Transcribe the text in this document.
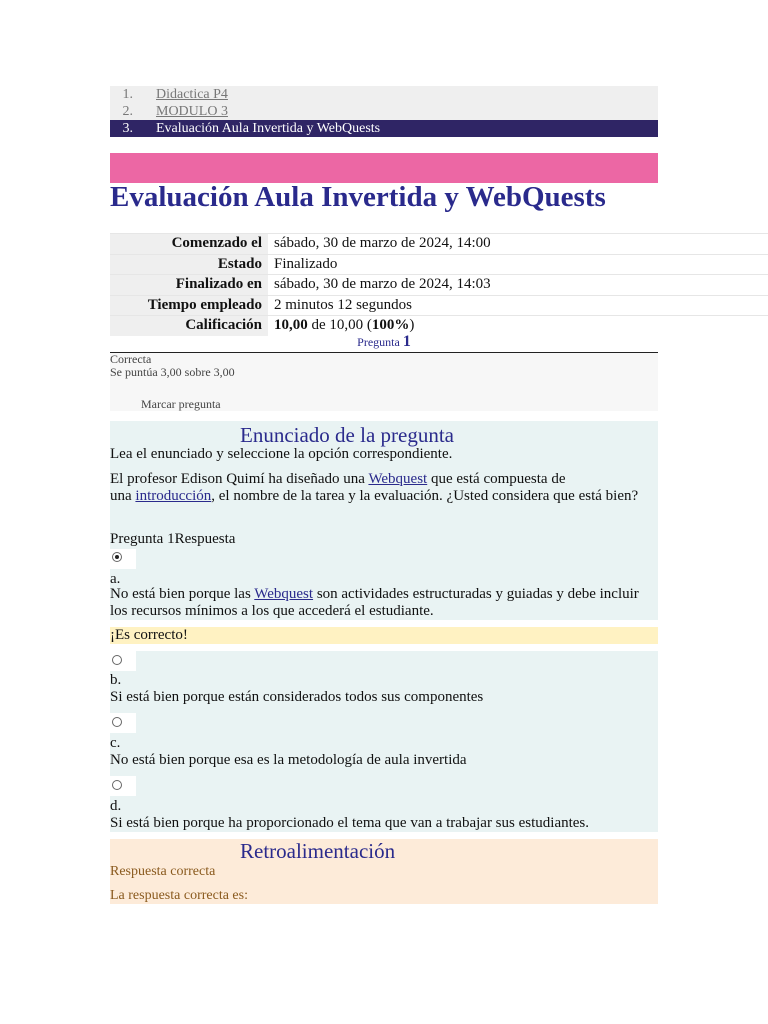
1. Didactica P4
2. MODULO 3
3. Evaluación Aula Invertida y WebQuests
Evaluación Aula Invertida y WebQuests
Comenzado el	sábado, 30 de marzo de 2024, 14:00
Estado	Finalizado
Finalizado en	sábado, 30 de marzo de 2024, 14:03
Tiempo empleado	2 minutos 12 segundos
Calificación	10,00 de 10,00 (100%)
Pregunta 1
Correcta
Se puntúa 3,00 sobre 3,00
Marcar pregunta
Enunciado de la pregunta
Lea el enunciado y seleccione la opción correspondiente.
El profesor Edison Quimí ha diseñado una Webquest que está compuesta de
una introducción, el nombre de la tarea y la evaluación. ¿Usted considera que está bien?
Pregunta 1Respuesta
a.
No está bien porque las Webquest son actividades estructuradas y guiadas y debe incluir
los recursos mínimos a los que accederá el estudiante.
¡Es correcto!
b.
Si está bien porque están considerados todos sus componentes
c.
No está bien porque esa es la metodología de aula invertida
d.
Si está bien porque ha proporcionado el tema que van a trabajar sus estudiantes.
Retroalimentación
Respuesta correcta
La respuesta correcta es:
